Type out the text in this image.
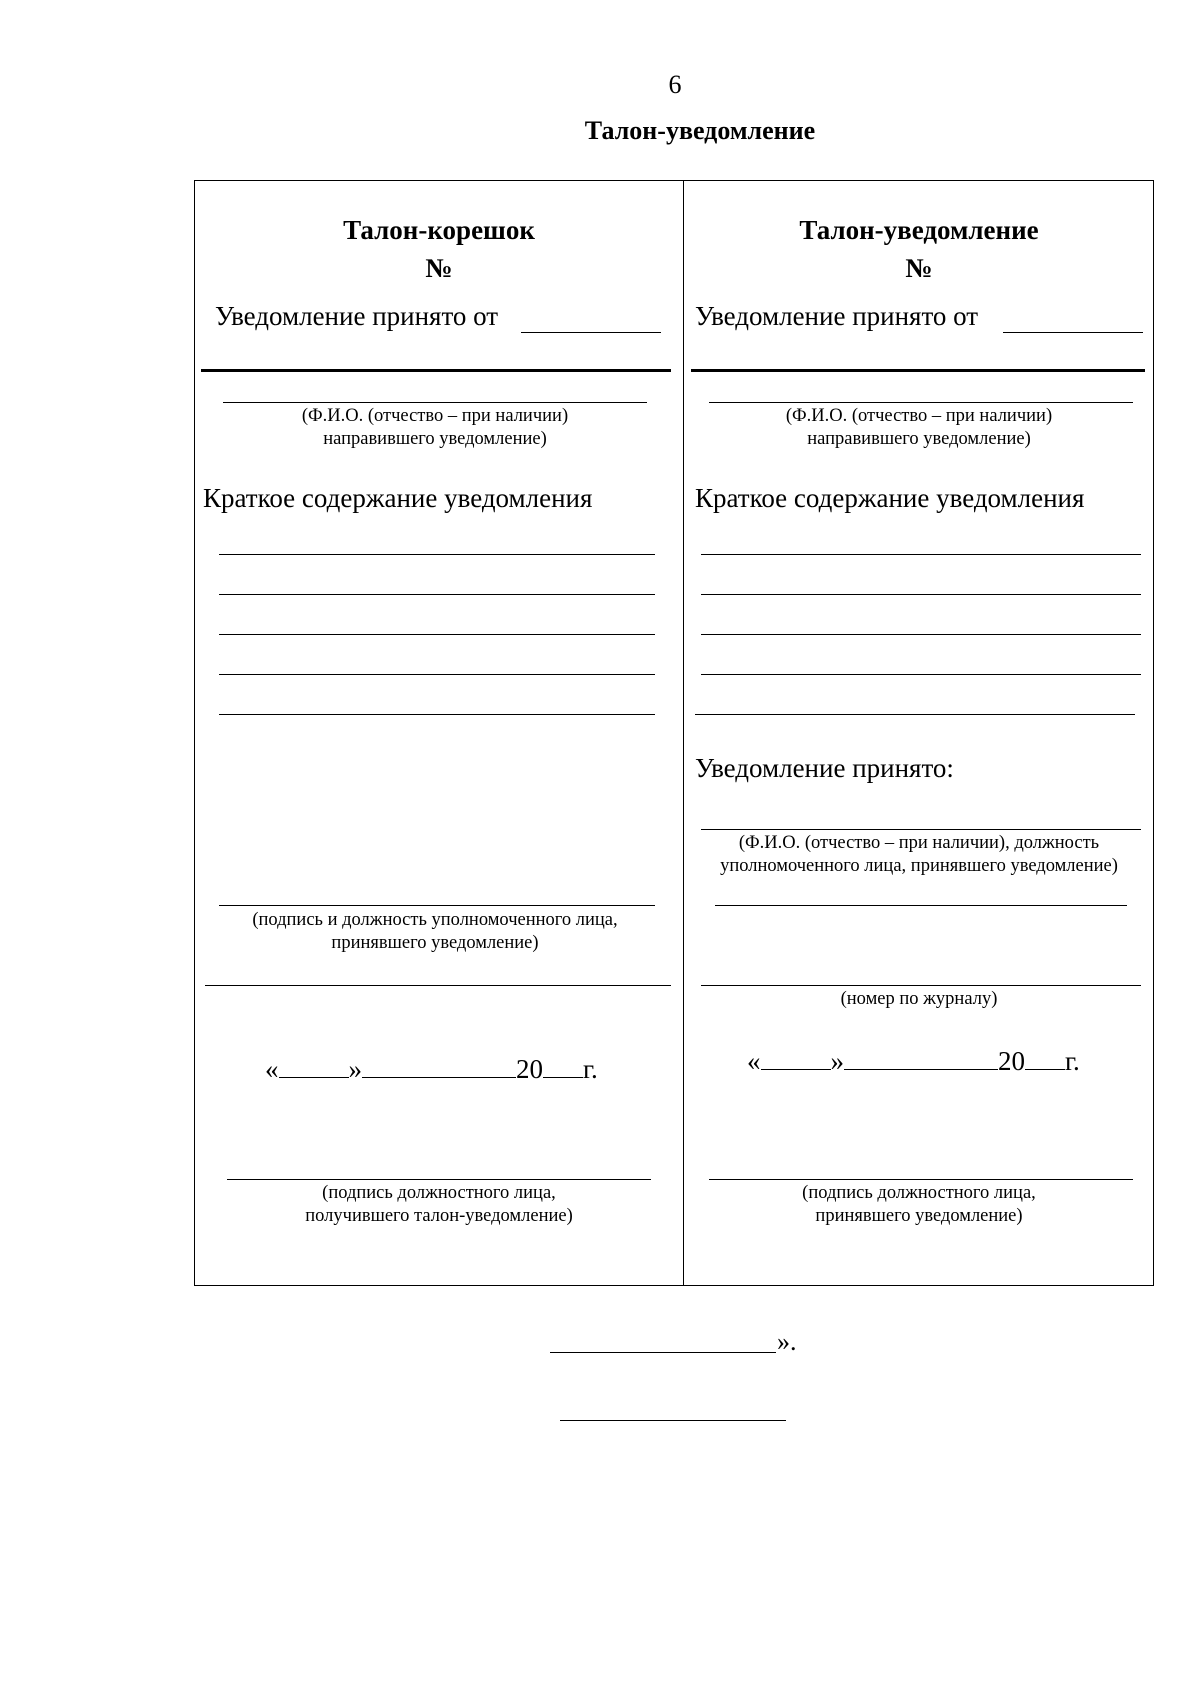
6
Талон-уведомление
Талон-корешок
№
Уведомление принято от
(Ф.И.О. (отчество – при наличии)
направившего уведомление)
Краткое содержание уведомления
(подпись и должность уполномоченного лица,
принявшего уведомление)
«	»	20 г.
(подпись должностного лица,
получившего талон-уведомление)
Талон-уведомление
№
Уведомление принято от
(Ф.И.О. (отчество – при наличии)
направившего уведомление)
Краткое содержание уведомления
Уведомление принято:
(Ф.И.О. (отчество – при наличии), должность
уполномоченного лица, принявшего уведомление)
(номер по журналу)
«	»	20 г.
(подпись должностного лица,
принявшего уведомление)
».
